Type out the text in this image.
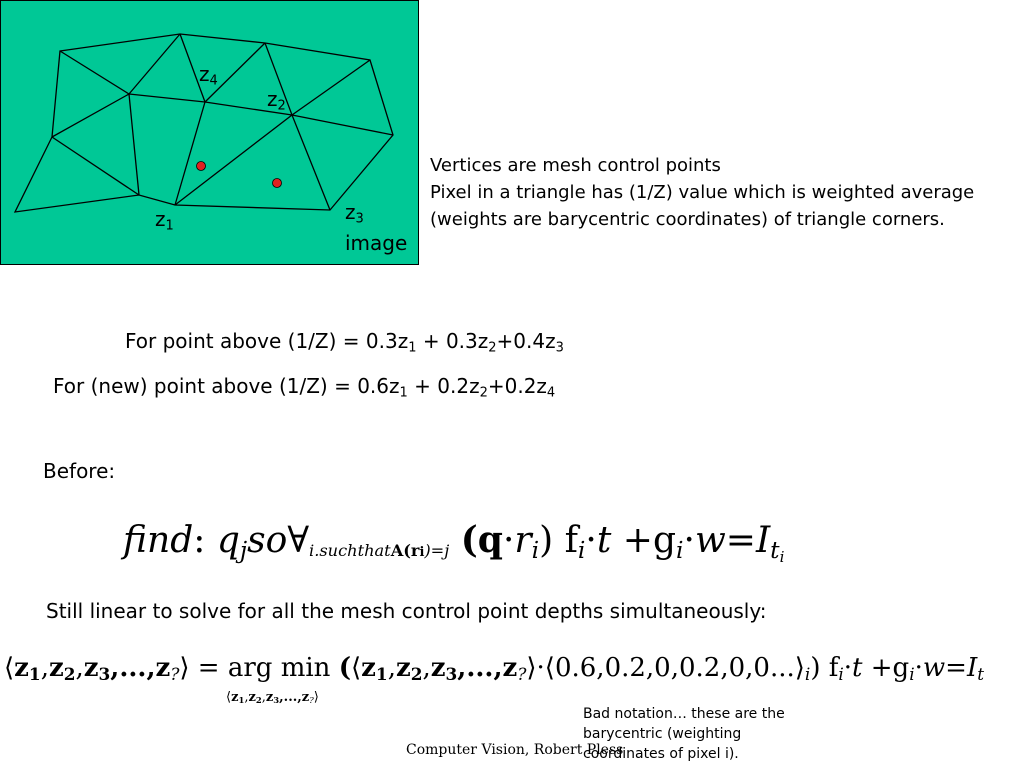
$z_4$
$z_2$
$z_3$
image
$z_1$
Vertices are mesh control points
Pixel in a triangle has (1/Z) value which is weighted average (weights are barycentric coordinates) of triangle corners.
For point above $(1/Z) = 0.3z_1 + 0.3z_2+0.4z_3$
For (new) point above $(1/Z) = 0.6z_1 + 0.2z_2+0.2z_4$
Before:
find: $q_jso\forall_{i.suchthatA(ri)=j}$ $(q\cdot r_i)$ $f_i\cdot t +g_i\cdot w=I_{t_i}$
Still linear to solve for all the mesh control point depths simultaneously:
$⟨z_1,z_2,z_3,...,z_?⟩$ = arg $\min (⟨z_1,z_2,z_3,...,z_?⟩\cdot⟨0.6,0.2,0,0.2,0,0...⟩_i)$ $f_i\cdot t +g_i\cdot w=I_t$
$⟨z_1,z_2,z_3,...,z_?⟩$
Bad notation… these are the barycentric (weighting coordinates of pixel i).
Computer Vision, Robert Pless
